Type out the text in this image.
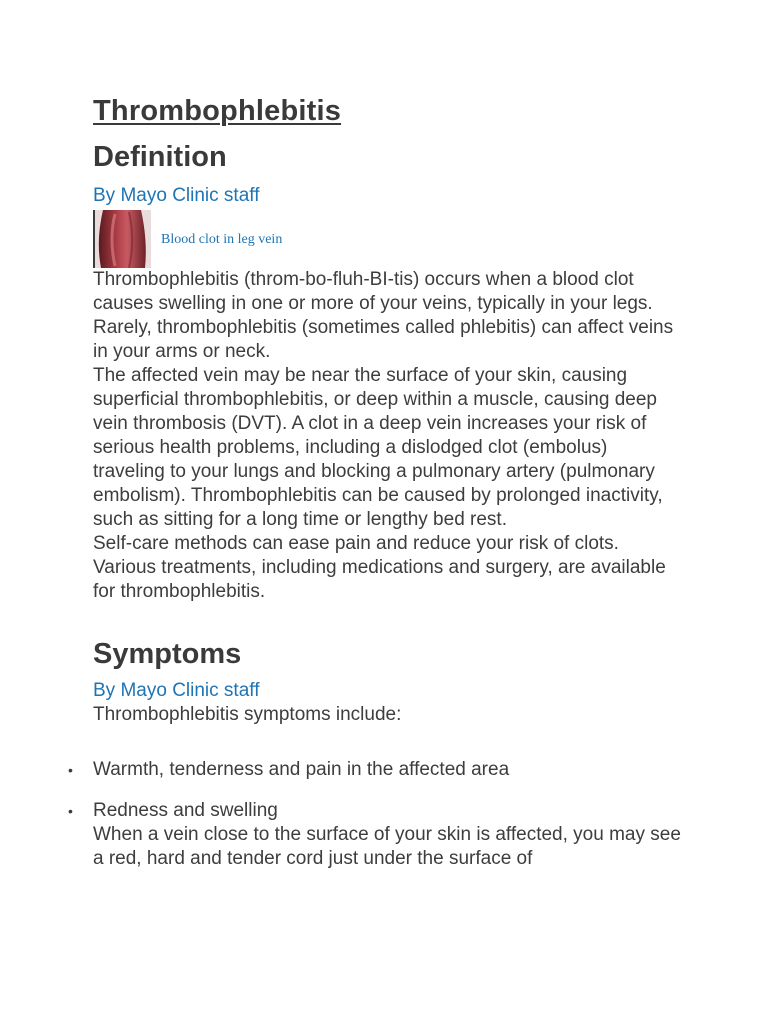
Thrombophlebitis
Definition
By Mayo Clinic staff
Blood clot in leg vein

Thrombophlebitis (throm-bo-fluh-BI-tis) occurs when a blood clot causes swelling in one or more of your veins, typically in your legs. Rarely, thrombophlebitis (sometimes called phlebitis) can affect veins in your arms or neck.

The affected vein may be near the surface of your skin, causing superficial thrombophlebitis, or deep within a muscle, causing deep vein thrombosis (DVT). A clot in a deep vein increases your risk of serious health problems, including a dislodged clot (embolus) traveling to your lungs and blocking a pulmonary artery (pulmonary embolism). Thrombophlebitis can be caused by prolonged inactivity, such as sitting for a long time or lengthy bed rest.

Self-care methods can ease pain and reduce your risk of clots. Various treatments, including medications and surgery, are available for thrombophlebitis.

Symptoms
By Mayo Clinic staff

Thrombophlebitis symptoms include:

• Warmth, tenderness and pain in the affected area
• Redness and swelling

When a vein close to the surface of your skin is affected, you may see a red, hard and tender cord just under the surface of
